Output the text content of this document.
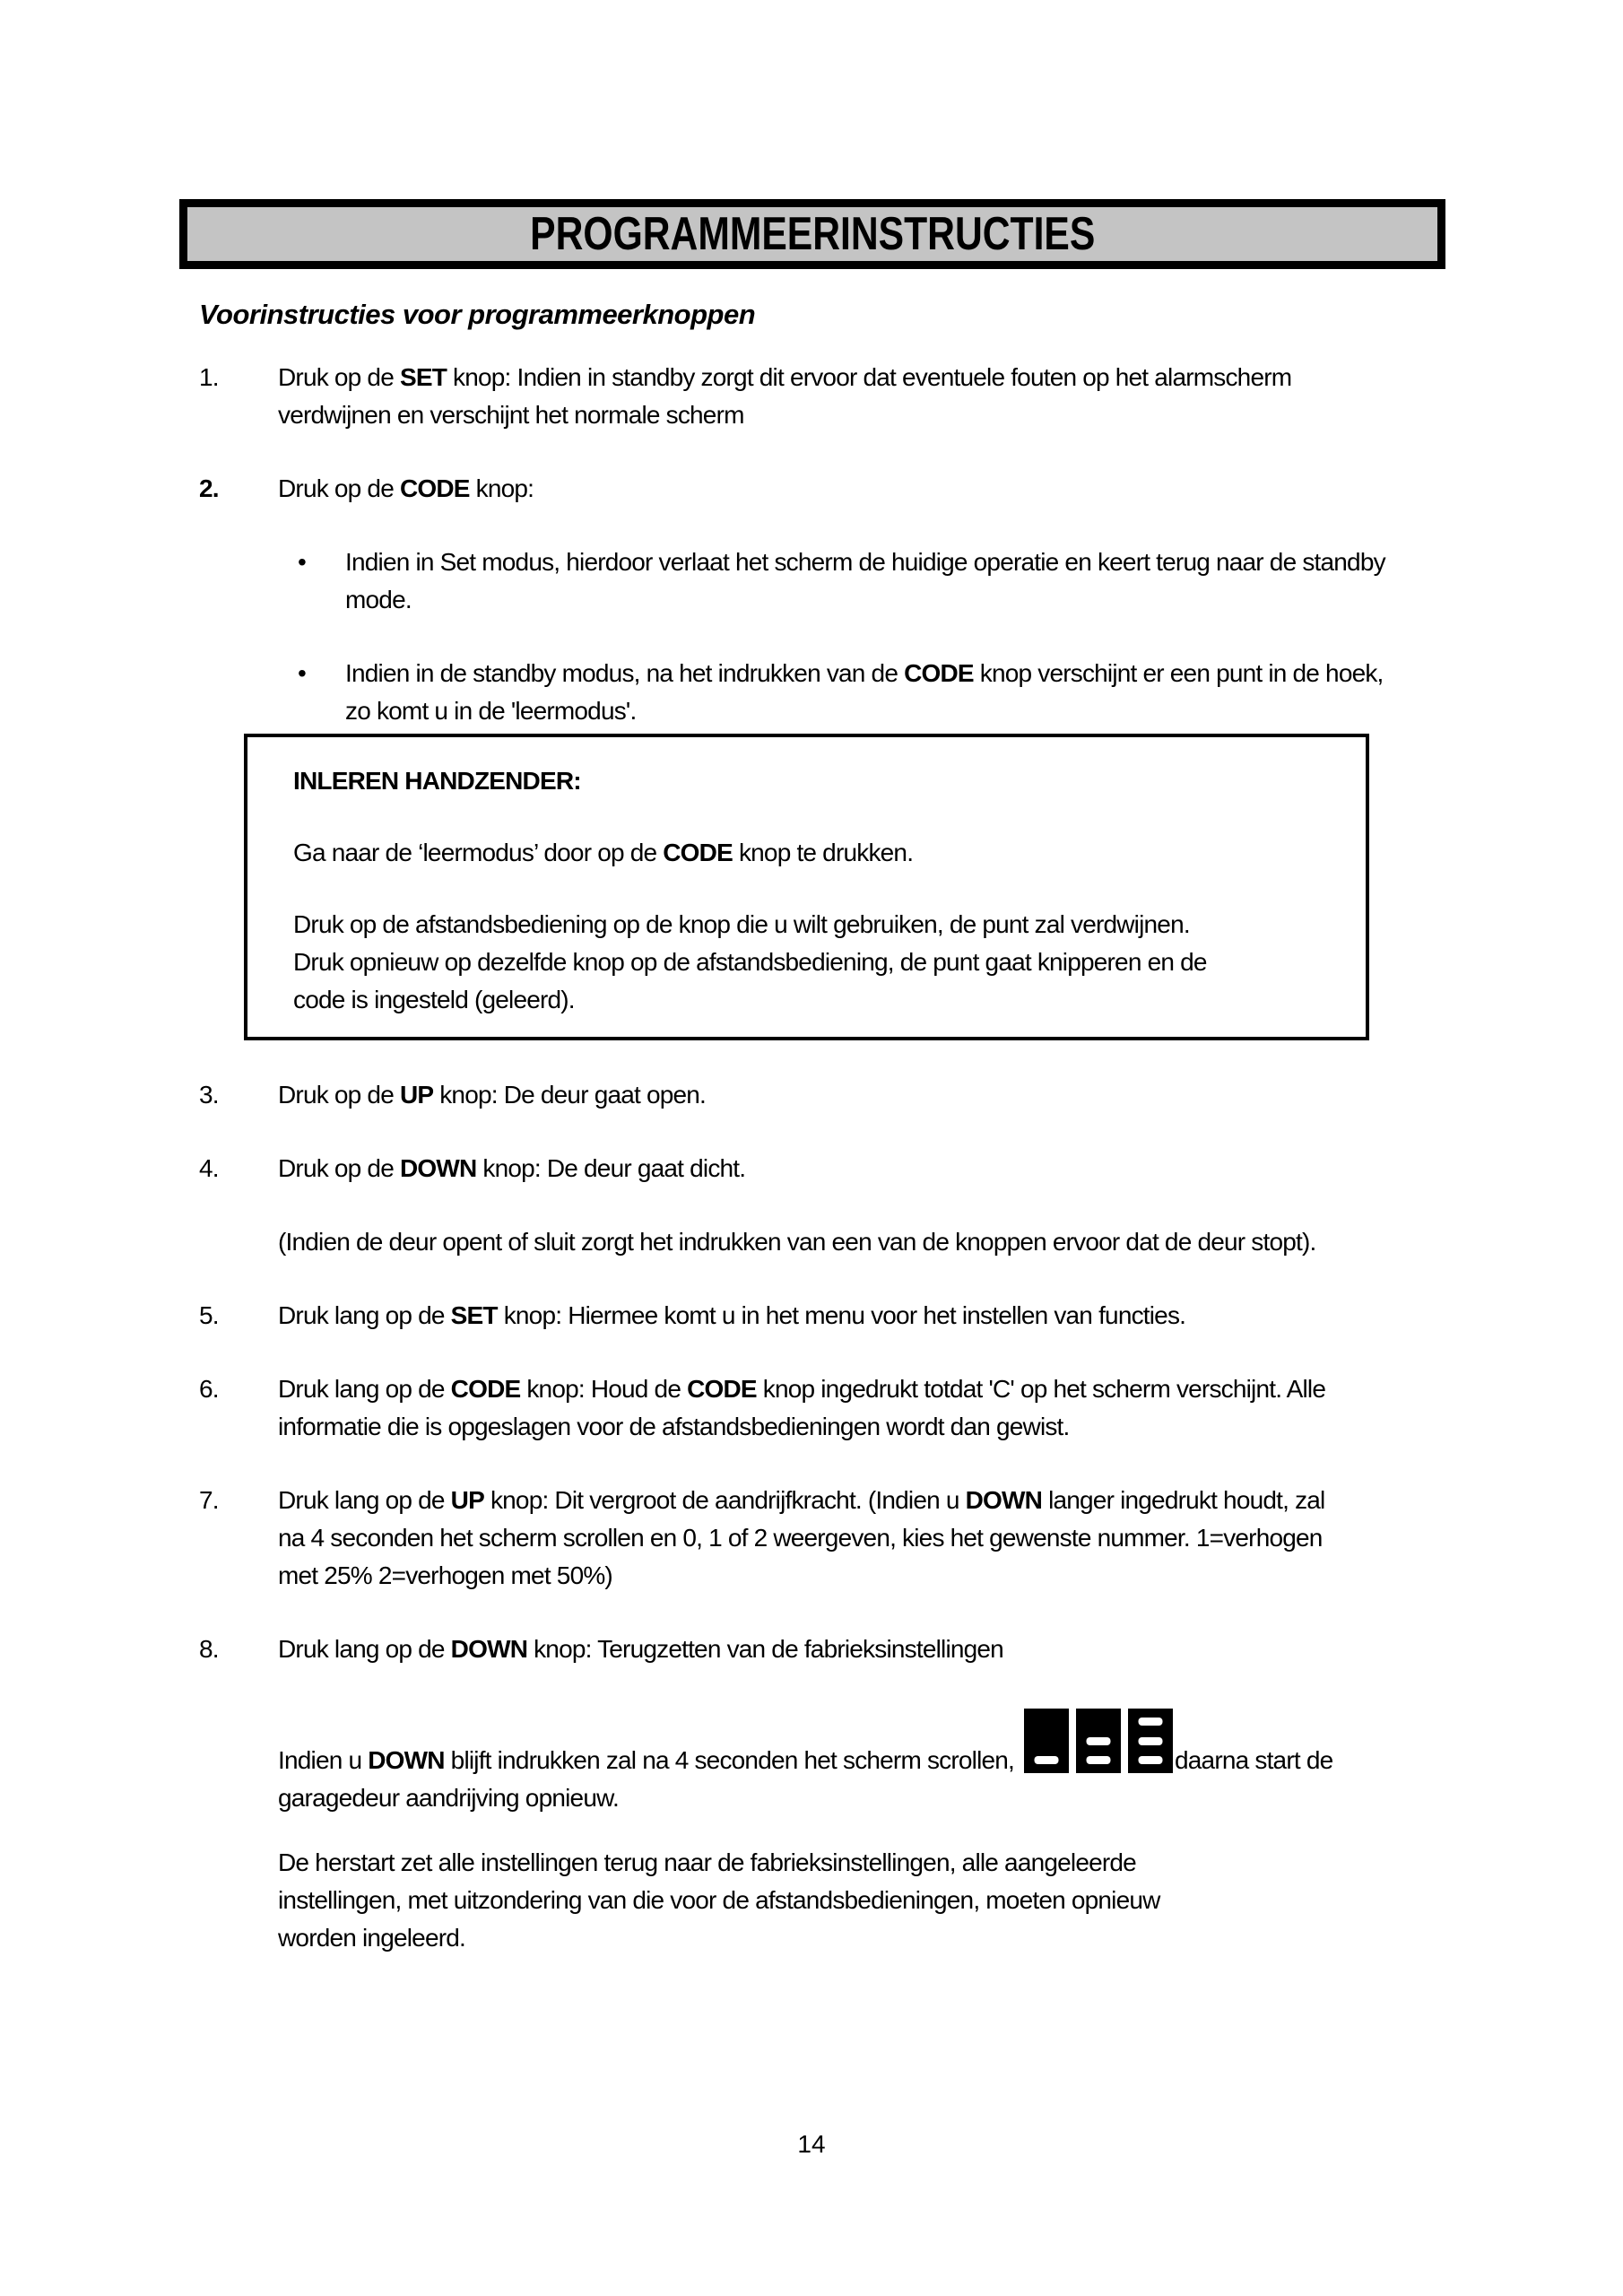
PROGRAMMEERINSTRUCTIES
Voorinstructies voor programmeerknoppen
1.	Druk op de SET knop: Indien in standby zorgt dit ervoor dat eventuele fouten op het alarmscherm verdwijnen en verschijnt het normale scherm
2.	Druk op de CODE knop:
•	Indien in Set modus, hierdoor verlaat het scherm de huidige operatie en keert terug naar de standby mode.
•	Indien in de standby modus, na het indrukken van de CODE knop verschijnt er een punt in de hoek, zo komt u in de 'leermodus'.
INLEREN HANDZENDER:

Ga naar de ‘leermodus’ door op de CODE knop te drukken.

Druk op de afstandsbediening op de knop die u wilt gebruiken, de punt zal verdwijnen. Druk opnieuw op dezelfde knop op de afstandsbediening, de punt gaat knipperen en de code is ingesteld (geleerd).

3.	Druk op de UP knop: De deur gaat open.
4.	Druk op de DOWN knop: De deur gaat dicht.
(Indien de deur opent of sluit zorgt het indrukken van een van de knoppen ervoor dat de deur stopt).
5.	Druk lang op de SET knop: Hiermee komt u in het menu voor het instellen van functies.
6.	Druk lang op de CODE knop: Houd de CODE knop ingedrukt totdat 'C' op het scherm verschijnt. Alle informatie die is opgeslagen voor de afstandsbedieningen wordt dan gewist.
7.	Druk lang op de UP knop: Dit vergroot de aandrijfkracht. (Indien u DOWN langer ingedrukt houdt, zal na 4 seconden het scherm scrollen en 0, 1 of 2 weergeven, kies het gewenste nummer. 1=verhogen met 25% 2=verhogen met 50%)
8.	Druk lang op de DOWN knop: Terugzetten van de fabrieksinstellingen
Indien u DOWN blijft indrukken zal na 4 seconden het scherm scrollen,	daarna start de garagedeur aandrijving opnieuw.
De herstart zet alle instellingen terug naar de fabrieksinstellingen, alle aangeleerde instellingen, met uitzondering van die voor de afstandsbedieningen, moeten opnieuw worden ingeleerd.
14
